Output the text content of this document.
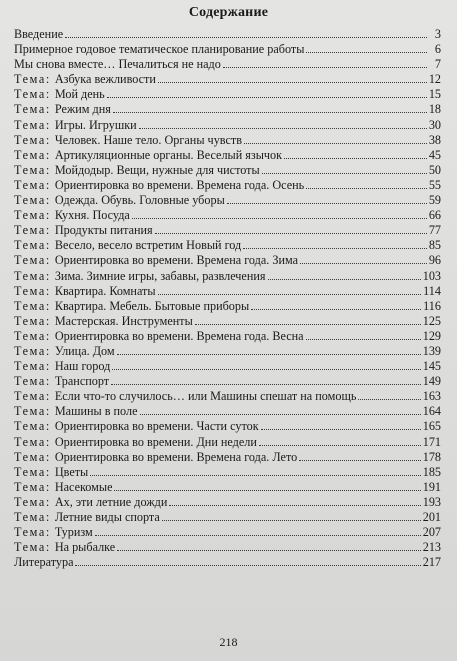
Содержание
Введение	3
Примерное годовое тематическое планирование работы	6
Мы снова вместе… Печалиться не надо	7
Тема: Азбука вежливости	12
Тема: Мой день	15
Тема: Режим дня	18
Тема: Игры. Игрушки	30
Тема: Человек. Наше тело. Органы чувств	38
Тема: Артикуляционные органы. Веселый язычок	45
Тема: Мойдодыр. Вещи, нужные для чистоты	50
Тема: Ориентировка во времени. Времена года. Осень	55
Тема: Одежда. Обувь. Головные уборы	59
Тема: Кухня. Посуда	66
Тема: Продукты питания	77
Тема: Весело, весело встретим Новый год	85
Тема: Ориентировка во времени. Времена года. Зима	96
Тема: Зима. Зимние игры, забавы, развлечения	103
Тема: Квартира. Комнаты	114
Тема: Квартира. Мебель. Бытовые приборы	116
Тема: Мастерская. Инструменты	125
Тема: Ориентировка во времени. Времена года. Весна	129
Тема: Улица. Дом	139
Тема: Наш город	145
Тема: Транспорт	149
Тема: Если что-то случилось… или Машины спешат на помощь	163
Тема: Машины в поле	164
Тема: Ориентировка во времени. Части суток	165
Тема: Ориентировка во времени. Дни недели	171
Тема: Ориентировка во времени. Времена года. Лето	178
Тема: Цветы	185
Тема: Насекомые	191
Тема: Ах, эти летние дожди	193
Тема: Летние виды спорта	201
Тема: Туризм	207
Тема: На рыбалке	213
Литература	217
218
